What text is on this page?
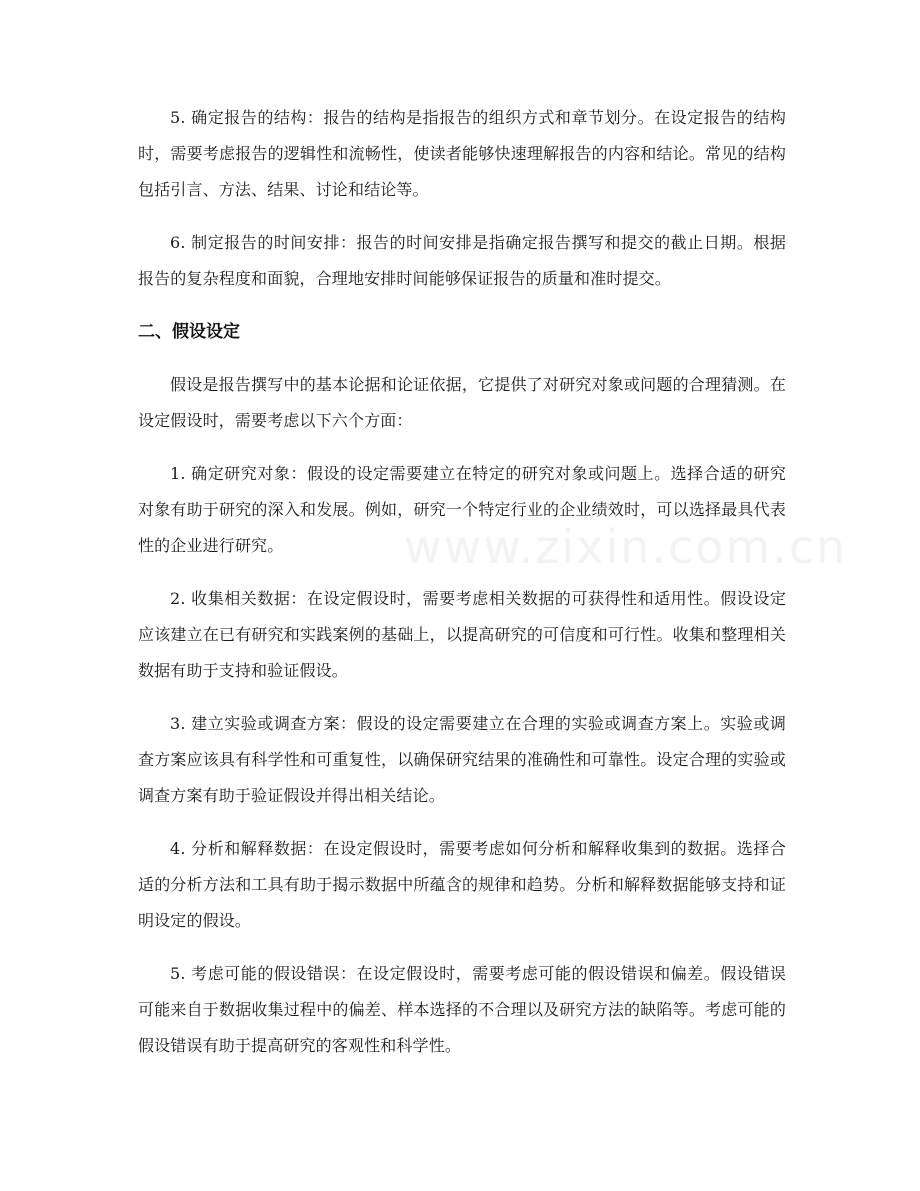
www.zixin.com.cn

5. 确定报告的结构：报告的结构是指报告的组织方式和章节划分。在设定报告的结构时，需要考虑报告的逻辑性和流畅性，使读者能够快速理解报告的内容和结论。常见的结构包括引言、方法、结果、讨论和结论等。

6. 制定报告的时间安排：报告的时间安排是指确定报告撰写和提交的截止日期。根据报告的复杂程度和面貌，合理地安排时间能够保证报告的质量和准时提交。

二、假设设定

假设是报告撰写中的基本论据和论证依据，它提供了对研究对象或问题的合理猜测。在设定假设时，需要考虑以下六个方面：

1. 确定研究对象：假设的设定需要建立在特定的研究对象或问题上。选择合适的研究对象有助于研究的深入和发展。例如，研究一个特定行业的企业绩效时，可以选择最具代表性的企业进行研究。

2. 收集相关数据：在设定假设时，需要考虑相关数据的可获得性和适用性。假设设定应该建立在已有研究和实践案例的基础上，以提高研究的可信度和可行性。收集和整理相关数据有助于支持和验证假设。

3. 建立实验或调查方案：假设的设定需要建立在合理的实验或调查方案上。实验或调查方案应该具有科学性和可重复性，以确保研究结果的准确性和可靠性。设定合理的实验或调查方案有助于验证假设并得出相关结论。

4. 分析和解释数据：在设定假设时，需要考虑如何分析和解释收集到的数据。选择合适的分析方法和工具有助于揭示数据中所蕴含的规律和趋势。分析和解释数据能够支持和证明设定的假设。

5. 考虑可能的假设错误：在设定假设时，需要考虑可能的假设错误和偏差。假设错误可能来自于数据收集过程中的偏差、样本选择的不合理以及研究方法的缺陷等。考虑可能的假设错误有助于提高研究的客观性和科学性。
